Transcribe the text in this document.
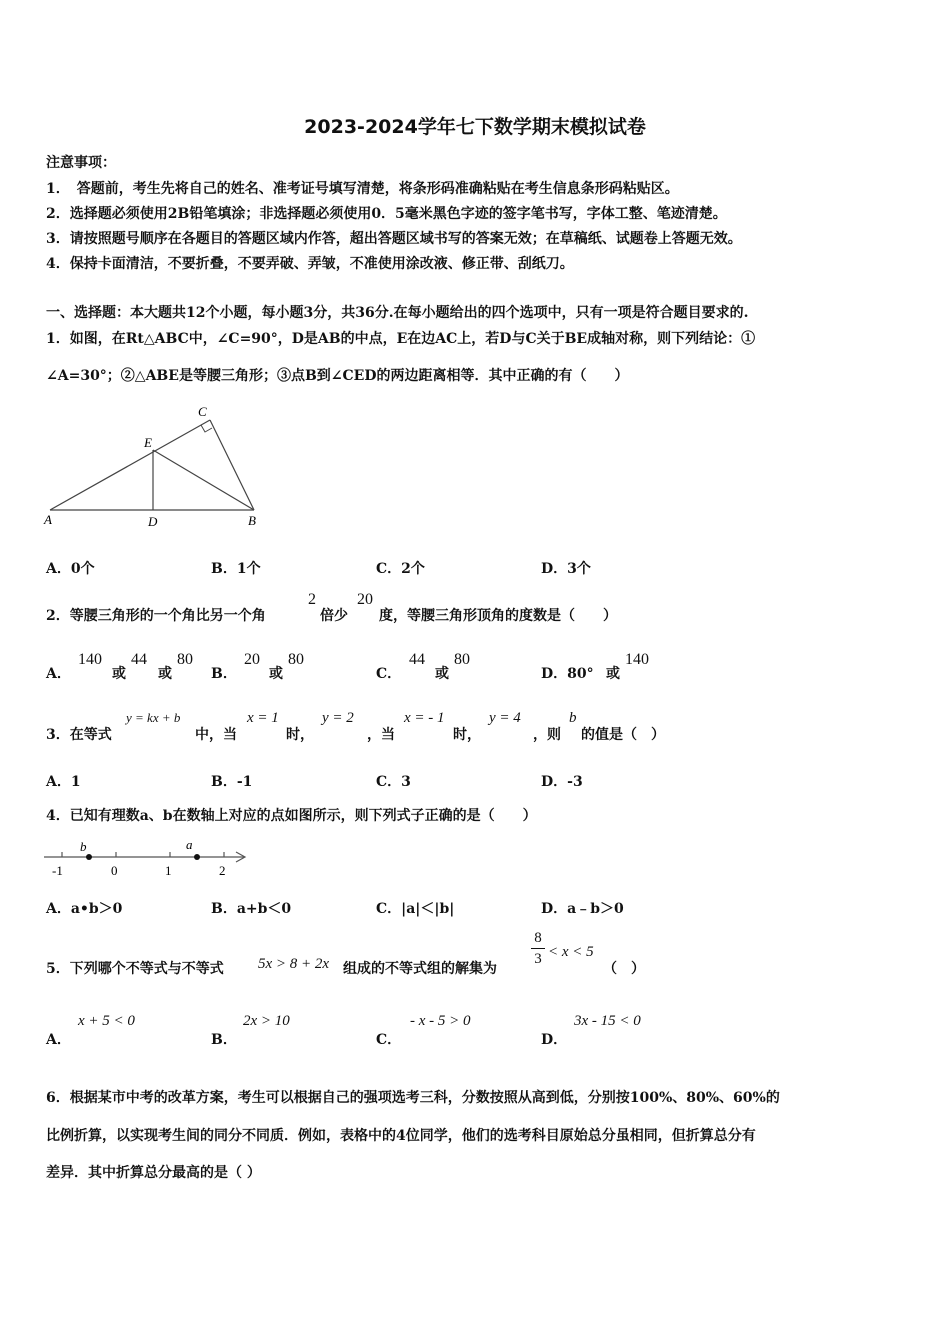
2023-2024学年七下数学期末模拟试卷
注意事项：
1．　答题前，考生先将自己的姓名、准考证号填写清楚，将条形码准确粘贴在考生信息条形码粘贴区。
2．选择题必须使用2B铅笔填涂；非选择题必须使用0．5毫米黑色字迹的签字笔书写，字体工整、笔迹清楚。
3．请按照题号顺序在各题目的答题区域内作答，超出答题区域书写的答案无效；在草稿纸、试题卷上答题无效。
4．保持卡面清洁，不要折叠，不要弄破、弄皱，不准使用涂改液、修正带、刮纸刀。
一、选择题：本大题共12个小题，每小题3分，共36分.在每小题给出的四个选项中，只有一项是符合题目要求的.
1．如图，在Rt△ABC中，∠C=90°，D是AB的中点，E在边AC上，若D与C关于BE成轴对称，则下列结论：①
∠A=30°；②△ABE是等腰三角形；③点B到∠CED的两边距离相等．其中正确的有（　　）
A	B
C
D
E
A．0个	B．1个	C．2个	D．3个
2．等腰三角形的一个角比另一个角
2
倍少
20
度，等腰三角形顶角的度数是（　　）
A．
140
或
44
或
80
B．
20
或
80
C．
44
或
80
D．80° 或
140
3．在等式
y = kx + b
中，当
x = 1
时，
y = 2
，当
x = - 1
时，
y = 4
，则
b
的值是（　）
A．1	B．-1	C．3	D．-3
4．已知有理数a、b在数轴上对应的点如图所示，则下列式子正确的是（　　）
b	a
-1	0	1	2
A．a•b＞0	B．a+b＜0	C．|a|＜|b|	D．a﹣b＞0
5．下列哪个不等式与不等式 5x > 8 + 2x 组成的不等式组的解集为
8
3 < x < 5
（　）
A．
x + 5 < 0
B．
2x > 10
C．
- x - 5 > 0
D．
3x - 15 < 0
6．根据某市中考的改革方案，考生可以根据自己的强项选考三科，分数按照从高到低，分别按100%、80%、60%的
比例折算，以实现考生间的同分不同质．例如，表格中的4位同学，他们的选考科目原始总分虽相同，但折算总分有
差异．其中折算总分最高的是（ ）
